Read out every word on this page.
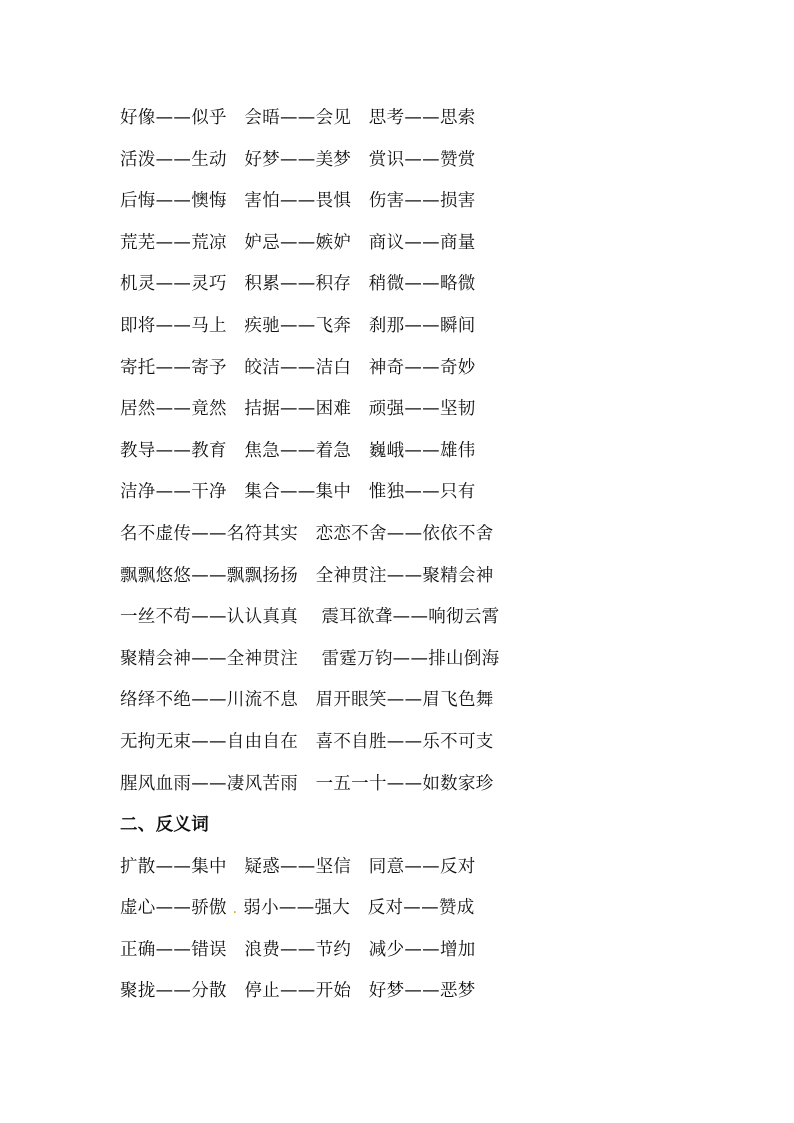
好像——似乎   会晤——会见   思考——思索
活泼——生动   好梦——美梦   赏识——赞赏
后悔——懊悔   害怕——畏惧   伤害——损害
荒芜——荒凉   妒忌——嫉妒   商议——商量
机灵——灵巧   积累——积存   稍微——略微
即将——马上   疾驰——飞奔   刹那——瞬间
寄托——寄予   皎洁——洁白   神奇——奇妙
居然——竟然   拮据——困难   顽强——坚韧
教导——教育   焦急——着急   巍峨——雄伟
洁净——干净   集合——集中   惟独——只有
名不虚传——名符其实   恋恋不舍——依依不舍
飘飘悠悠——飘飘扬扬   全神贯注——聚精会神
一丝不苟——认认真真    震耳欲聋——响彻云霄
聚精会神——全神贯注    雷霆万钧——排山倒海
络绎不绝——川流不息   眉开眼笑——眉飞色舞
无拘无束——自由自在   喜不自胜——乐不可支
腥风血雨——凄风苦雨   一五一十——如数家珍
二、反义词
扩散——集中   疑惑——坚信   同意——反对
虚心——骄傲 . 弱小——强大   反对——赞成
正确——错误   浪费——节约   减少——增加
聚拢——分散   停止——开始   好梦——恶梦
